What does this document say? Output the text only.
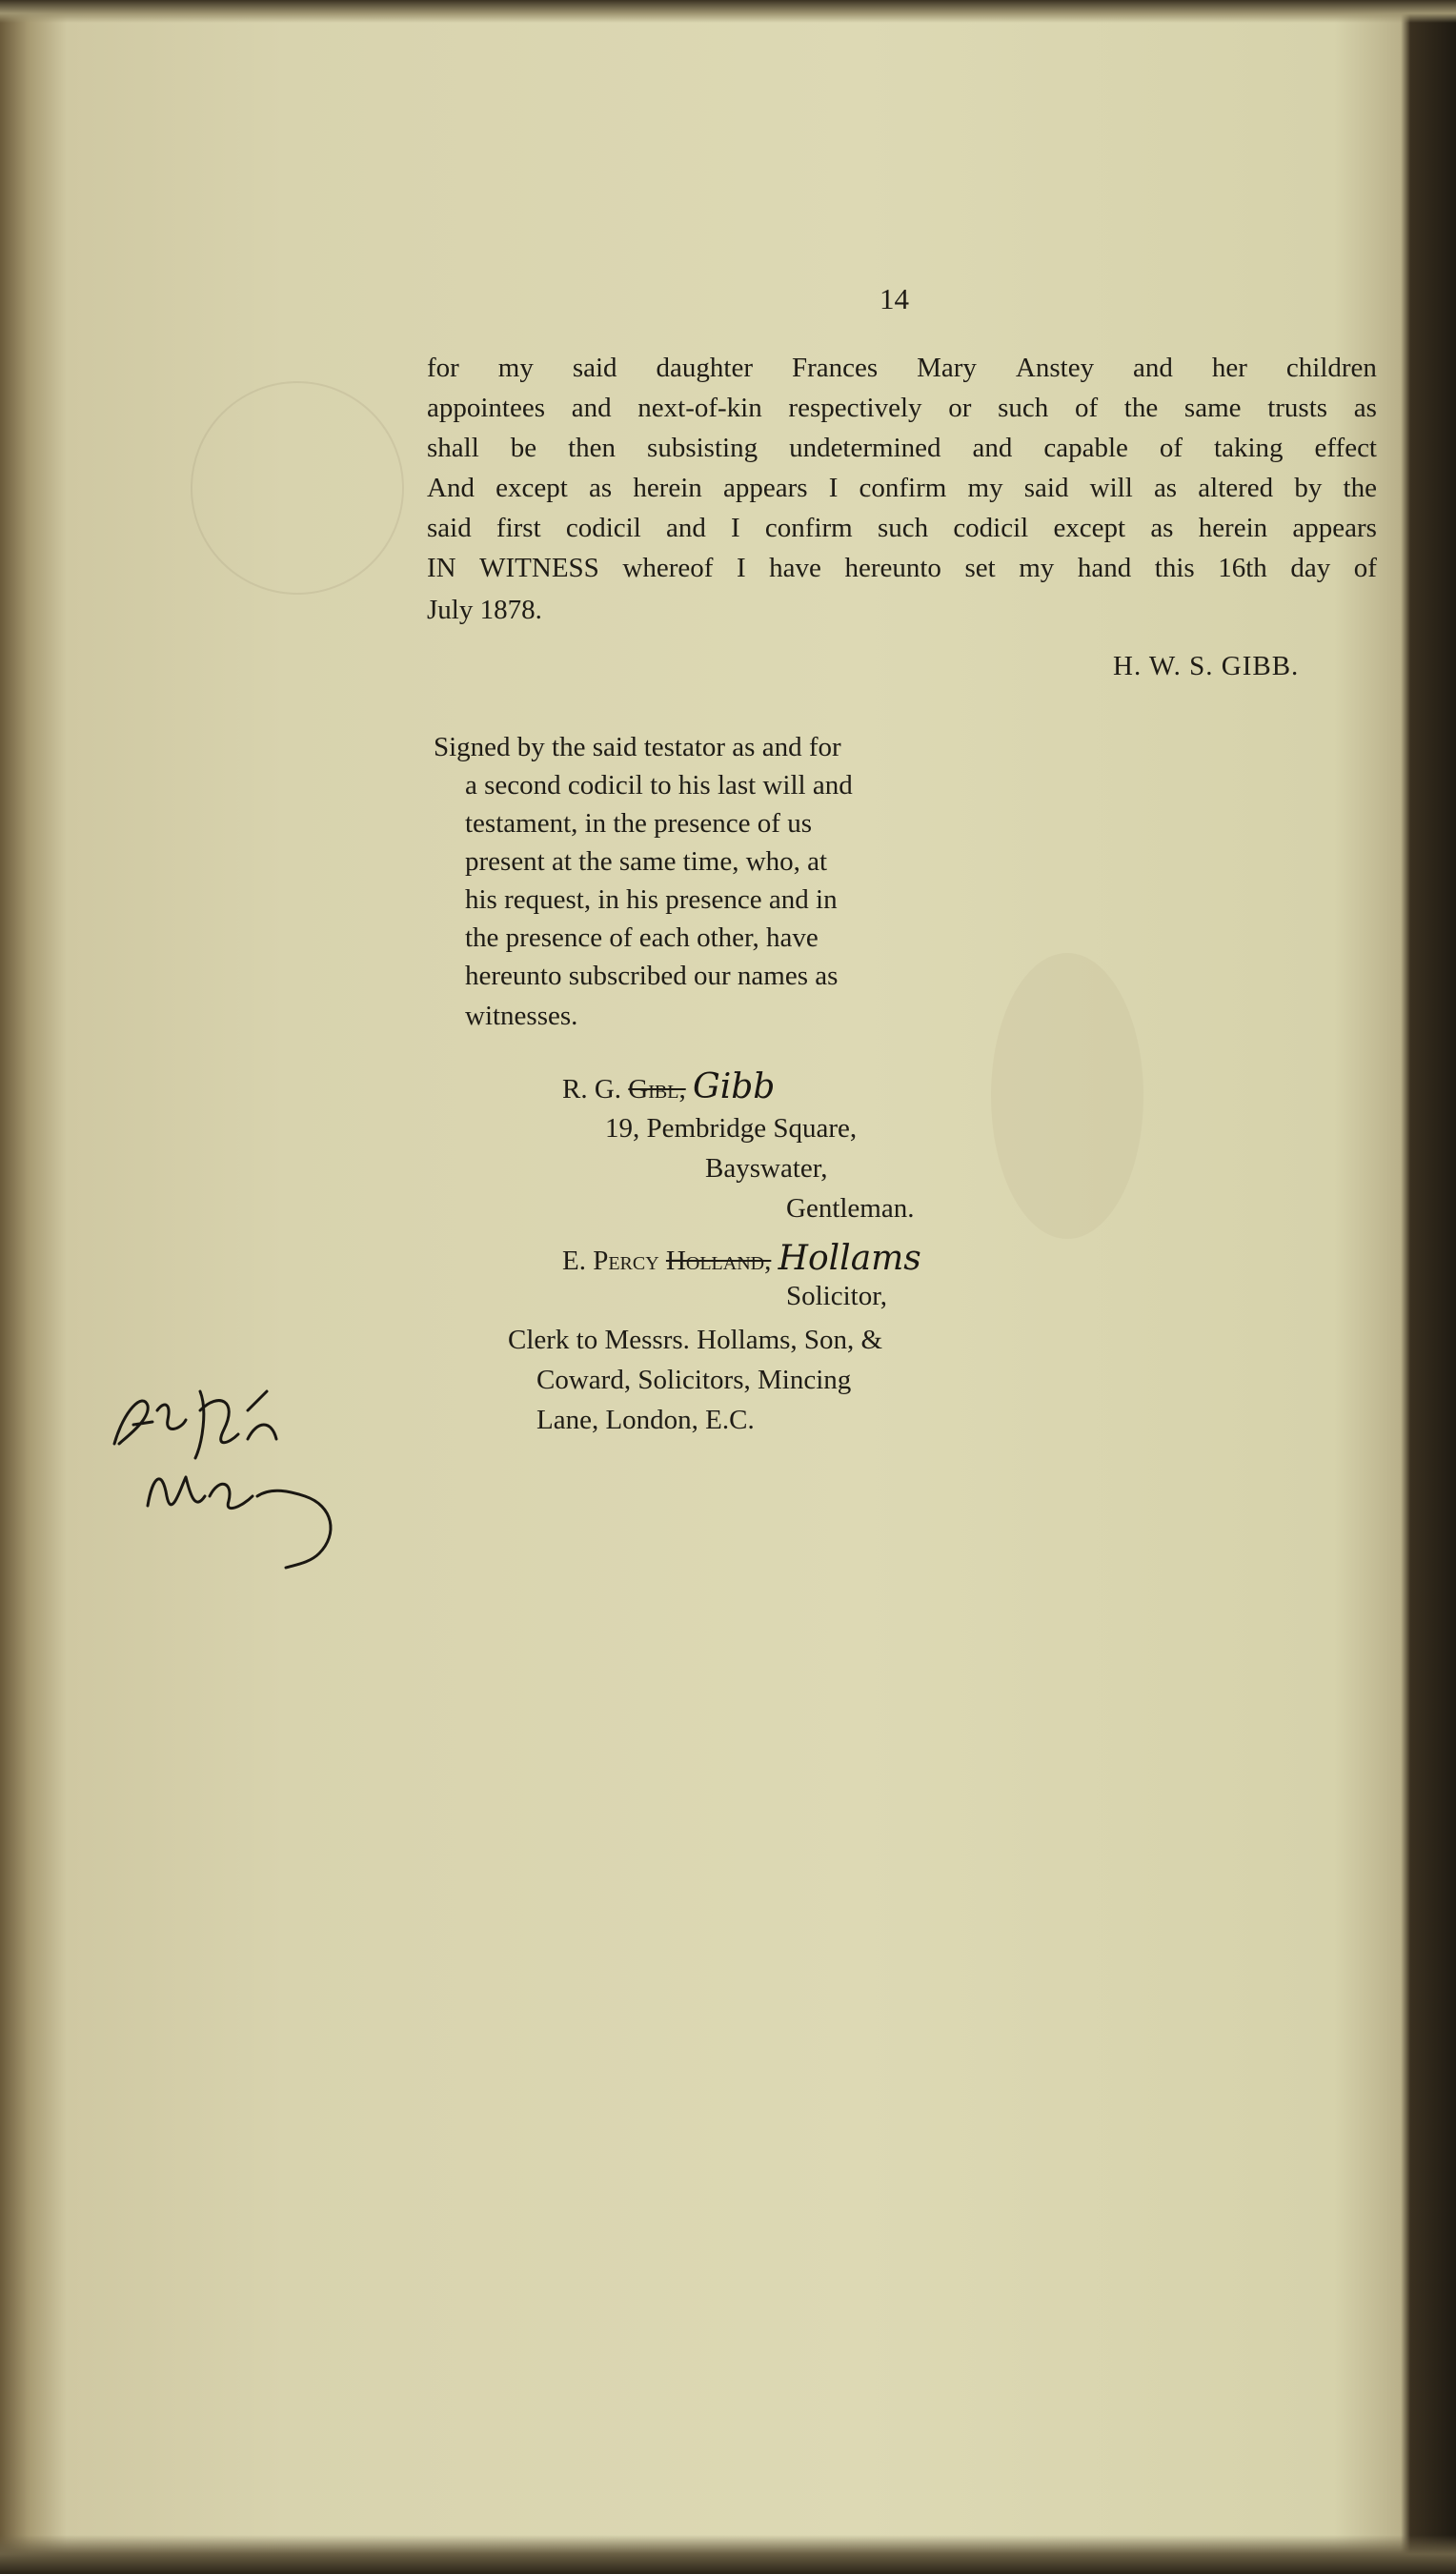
14
for my said daughter Frances Mary Anstey and her children
appointees and next-of-kin respectively or such of the same trusts as
shall be then subsisting undetermined and capable of taking effect
And except as herein appears I confirm my said will as altered by the
said first codicil and I confirm such codicil except as herein appears
IN WITNESS whereof I have hereunto set my hand this 16th day of
July 1878.
H. W. S. GIBB.
Signed by the said testator as and for
a second codicil to his last will and
testament, in the presence of us
present at the same time, who, at
his request, in his presence and in
the presence of each other, have
hereunto subscribed our names as
witnesses.
R. G. Gibl, Gibb
19, Pembridge Square,
Bayswater,
Gentleman.
E. Percy Holland, Hollams
Solicitor,
Clerk to Messrs. Hollams, Son, &
Coward, Solicitors, Mincing
Lane, London, E.C.
